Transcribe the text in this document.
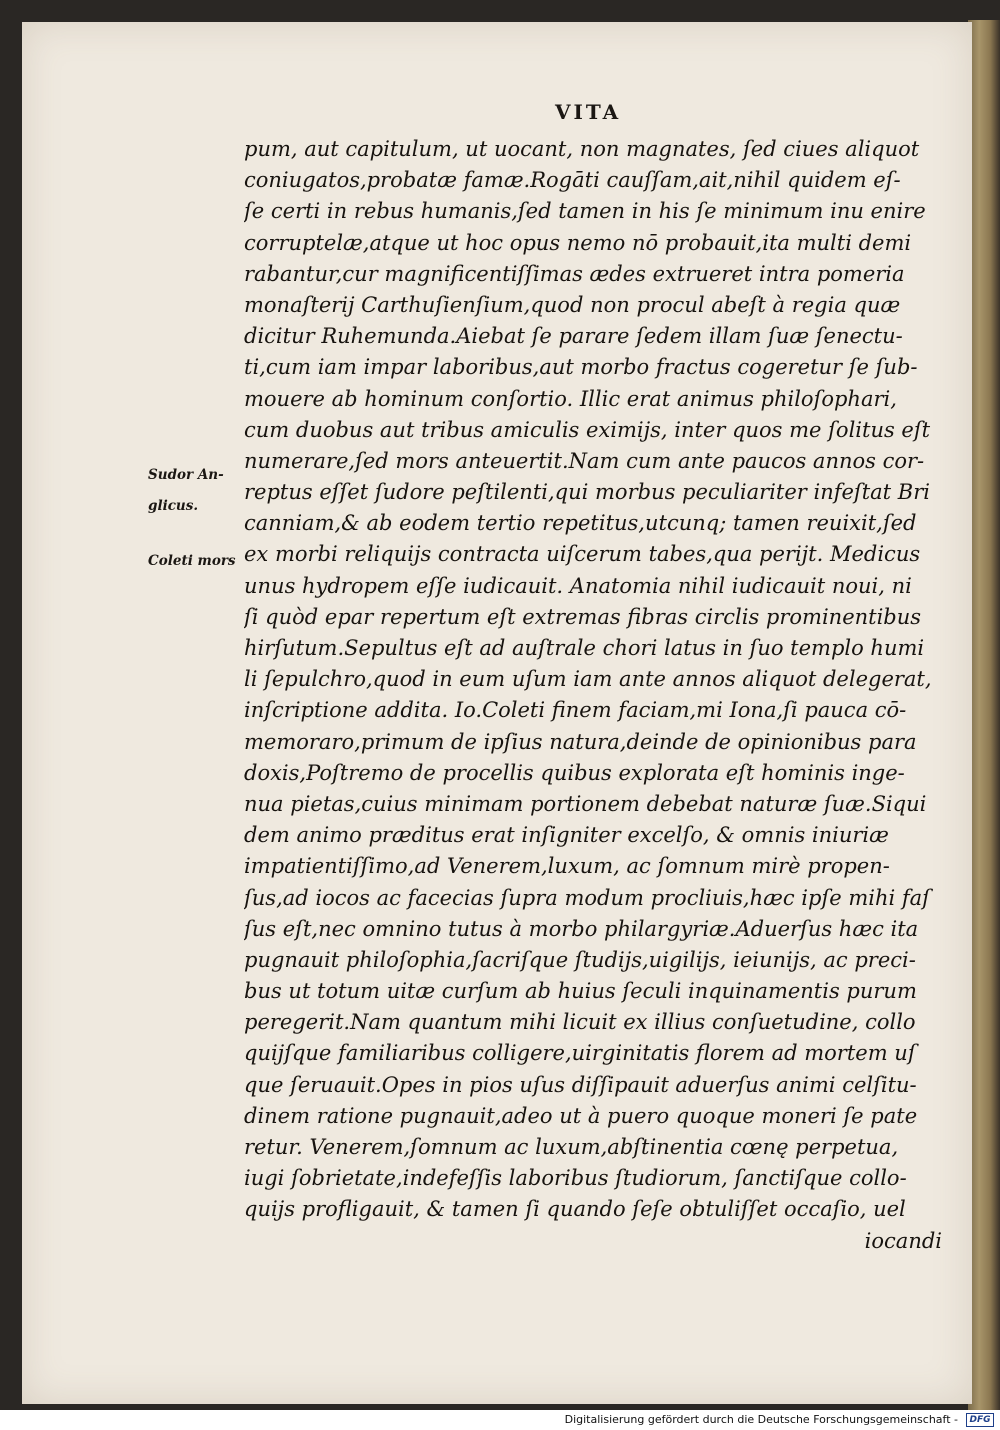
VITA
pum, aut capitulum, ut uocant, non magnates, ſed ciues aliquot
coniugatos,probatæ famæ.Rogāti cauſſam,ait,nihil quidem eſ-
ſe certi in rebus humanis,ſed tamen in his ſe minimum inu enire
corruptelæ,atque ut hoc opus nemo nō probauit,ita multi demi
rabantur,cur magnificentiſſimas ædes extrueret intra pomeria
monaſterij Carthuſienſium,quod non procul abeſt à regia quæ
dicitur Ruhemunda.Aiebat ſe parare ſedem illam ſuæ ſenectu-
ti,cum iam impar laboribus,aut morbo fractus cogeretur ſe ſub-
mouere ab hominum conſortio. Illic erat animus philoſophari,
cum duobus aut tribus amiculis eximijs, inter quos me ſolitus eſt
numerare,ſed mors anteuertit.Nam cum ante paucos annos cor-
reptus eſſet ſudore peſtilenti,qui morbus peculiariter infeſtat Bri
canniam,& ab eodem tertio repetitus,utcunq; tamen reuixit,ſed
ex morbi reliquijs contracta uiſcerum tabes,qua perijt. Medicus
unus hydropem eſſe iudicauit. Anatomia nihil iudicauit noui, ni
ſi quòd epar repertum eſt extremas fibras circlis prominentibus
hirſutum.Sepultus eſt ad auſtrale chori latus in ſuo templo humi
li ſepulchro,quod in eum uſum iam ante annos aliquot delegerat,
inſcriptione addita. Io.Coleti finem faciam,mi Iona,ſi pauca cō-
memoraro,primum de ipſius natura,deinde de opinionibus para
doxis,Poſtremo de procellis quibus explorata eſt hominis inge-
nua pietas,cuius minimam portionem debebat naturæ ſuæ.Siqui
dem animo præditus erat inſigniter excelſo, & omnis iniuriæ
impatientiſſimo,ad Venerem,luxum, ac ſomnum mirè propen-
ſus,ad iocos ac facecias ſupra modum procliuis,hæc ipſe mihi faſ
ſus eſt,nec omnino tutus à morbo philargyriæ.Aduerſus hæc ita
pugnauit philoſophia,ſacriſque ſtudijs,uigilijs, ieiunijs, ac preci-
bus ut totum uitæ curſum ab huius ſeculi inquinamentis purum
peregerit.Nam quantum mihi licuit ex illius conſuetudine, collo
quijſque familiaribus colligere,uirginitatis florem ad mortem uſ
que ſeruauit.Opes in pios uſus diſſipauit aduerſus animi celſitu-
dinem ratione pugnauit,adeo ut à puero quoque moneri ſe pate
retur. Venerem,ſomnum ac luxum,abſtinentia cœnę perpetua,
iugi ſobrietate,indefeſſis laboribus ſtudiorum, ſanctiſque collo-
quijs profligauit, & tamen ſi quando ſeſe obtuliſſet occaſio, uel
iocandi
Sudor An-
glicus.
Coleti mors
Digitalisierung gefördert durch die Deutsche Forschungsgemeinschaft -	DFG
